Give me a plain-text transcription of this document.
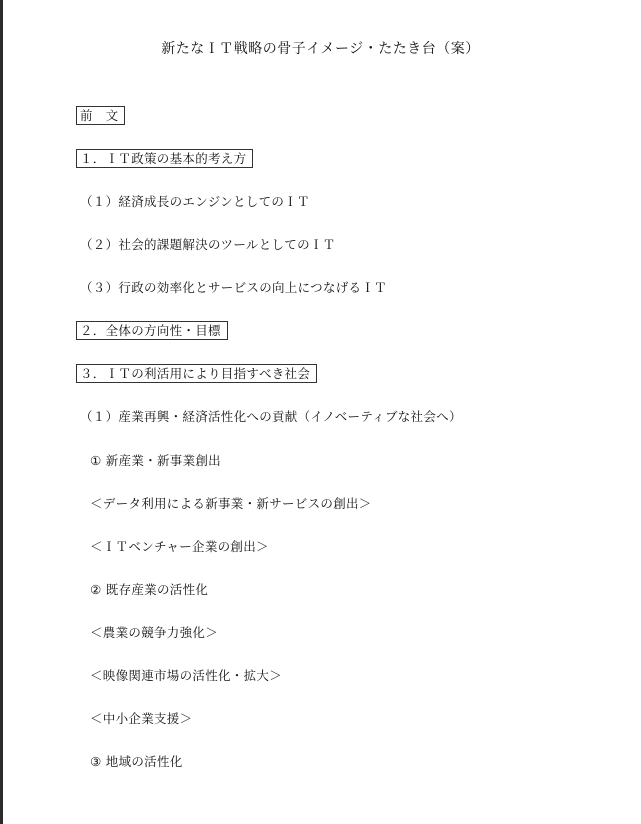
新たなＩＴ戦略の骨子イメージ・たたき台（案）
前　文
１．ＩＴ政策の基本的考え方
（１）経済成長のエンジンとしてのＩＴ
（２）社会的課題解決のツールとしてのＩＴ
（３）行政の効率化とサービスの向上につなげるＩＴ
２．全体の方向性・目標
３．ＩＴの利活用により目指すべき社会
（１）産業再興・経済活性化への貢献（イノベーティブな社会へ）
① 新産業・新事業創出
＜データ利用による新事業・新サービスの創出＞
＜ＩＴベンチャー企業の創出＞
② 既存産業の活性化
＜農業の競争力強化＞
＜映像関連市場の活性化・拡大＞
＜中小企業支援＞
③ 地域の活性化
